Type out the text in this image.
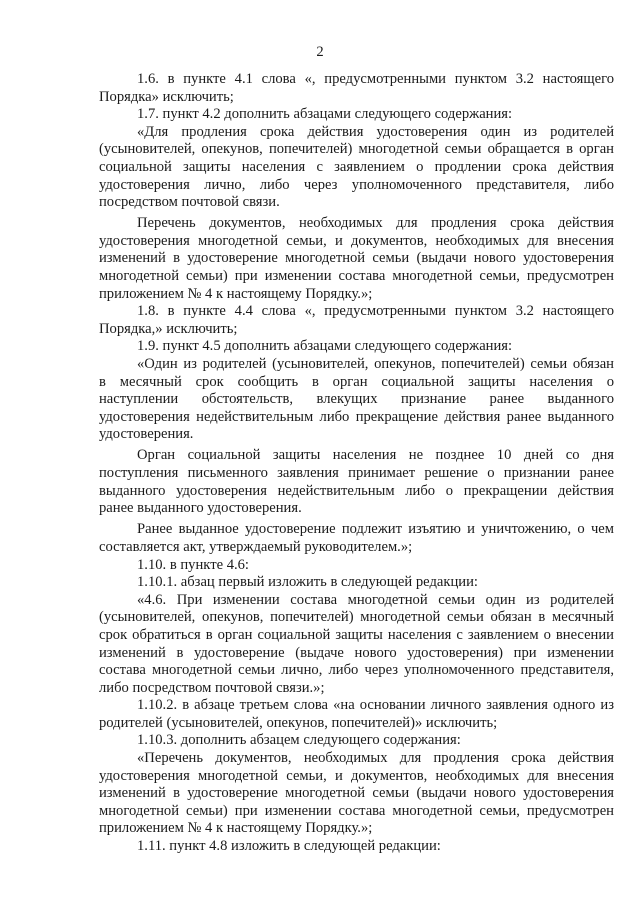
2
1.6. в пункте 4.1 слова «, предусмотренными пунктом 3.2 настоящего
Порядка» исключить;
1.7. пункт 4.2 дополнить абзацами следующего содержания:
«Для продления срока действия удостоверения один из родителей
(усыновителей, опекунов, попечителей) многодетной семьи обращается в орган
социальной защиты населения с заявлением о продлении срока действия
удостоверения лично, либо через уполномоченного представителя, либо
посредством почтовой связи.
Перечень документов, необходимых для продления срока действия
удостоверения многодетной семьи, и документов, необходимых для внесения
изменений в удостоверение многодетной семьи (выдачи нового удостоверения
многодетной семьи) при изменении состава многодетной семьи, предусмотрен
приложением № 4 к настоящему Порядку.»;
1.8. в пункте 4.4 слова «, предусмотренными пунктом 3.2 настоящего
Порядка,» исключить;
1.9. пункт 4.5 дополнить абзацами следующего содержания:
«Один из родителей (усыновителей, опекунов, попечителей) семьи обязан
в месячный срок сообщить в орган социальной защиты населения о
наступлении обстоятельств, влекущих признание ранее выданного
удостоверения недействительным либо прекращение действия ранее выданного
удостоверения.
Орган социальной защиты населения не позднее 10 дней со дня
поступления письменного заявления принимает решение о признании ранее
выданного удостоверения недействительным либо о прекращении действия
ранее выданного удостоверения.
Ранее выданное удостоверение подлежит изъятию и уничтожению, о чем
составляется акт, утверждаемый руководителем.»;
1.10. в пункте 4.6:
1.10.1. абзац первый изложить в следующей редакции:
«4.6. При изменении состава многодетной семьи один из родителей
(усыновителей, опекунов, попечителей) многодетной семьи обязан в месячный
срок обратиться в орган социальной защиты населения с заявлением о внесении
изменений в удостоверение (выдаче нового удостоверения) при изменении
состава многодетной семьи лично, либо через уполномоченного представителя,
либо посредством почтовой связи.»;
1.10.2. в абзаце третьем слова «на основании личного заявления одного из
родителей (усыновителей, опекунов, попечителей)» исключить;
1.10.3. дополнить абзацем следующего содержания:
«Перечень документов, необходимых для продления срока действия
удостоверения многодетной семьи, и документов, необходимых для внесения
изменений в удостоверение многодетной семьи (выдачи нового удостоверения
многодетной семьи) при изменении состава многодетной семьи, предусмотрен
приложением № 4 к настоящему Порядку.»;
1.11. пункт 4.8 изложить в следующей редакции:
